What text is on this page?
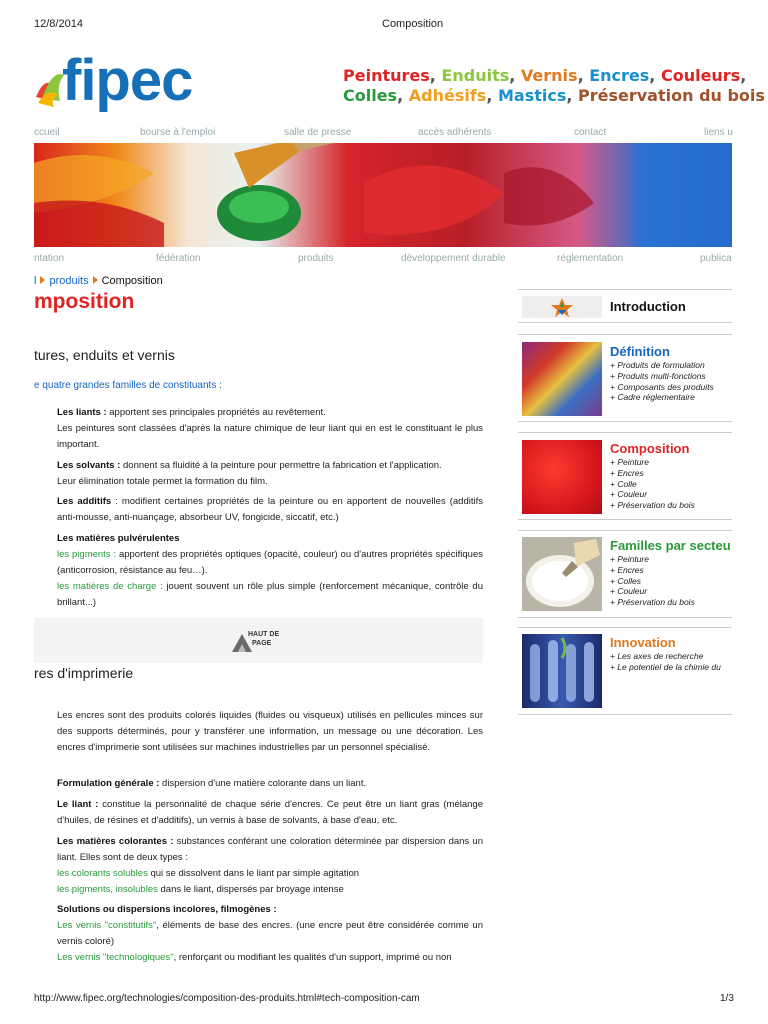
12/8/2014	Composition
fipec	Peintures, Enduits, Vernis, Encres, Couleurs,
Colles, Adhésifs, Mastics, Préservation du bois
ccueil	bourse à l'emploi	salle de presse	accès adhérents	contact	liens u
ntation	fédération	produits	développement durable	réglementation	publica
l produits Composition
mposition
tures, enduits et vernis
e quatre grandes familles de constituants :
Les liants : apportent ses principales propriétés au revêtement.
Les peintures sont classées d'après la nature chimique de leur liant qui en est le constituant le plus important.
Les solvants : donnent sa fluidité à la peinture pour permettre la fabrication et l'application.
Leur élimination totale permet la formation du film.
Les additifs : modifient certaines propriétés de la peinture ou en apportent de nouvelles (additifs anti-mousse, anti-nuançage, absorbeur UV, fongicide, siccatif, etc.)
Les matières pulvérulentes
les pigments : apportent des propriétés optiques (opacité, couleur) ou d'autres propriétés spécifiques (anticorrosion, résistance au feu…).
les matières de charge : jouent souvent un rôle plus simple (renforcement mécanique, contrôle du brillant...)
HAUT DE
PAGE
res d'imprimerie
Les encres sont des produits colorés liquides (fluides ou visqueux) utilisés en pellicules minces sur des supports déterminés, pour y transférer une information, un message ou une décoration. Les encres d'imprimerie sont utilisées sur machines industrielles par un personnel spécialisé.
Formulation générale : dispersion d'une matière colorante dans un liant.
Le liant : constitue la personnalité de chaque série d'encres. Ce peut être un liant gras (mélange d'huiles, de résines et d'additifs), un vernis à base de solvants, à base d'eau, etc.
Les matières colorantes : substances conférant une coloration déterminée par dispersion dans un liant. Elles sont de deux types :
les colorants solubles qui se dissolvent dans le liant par simple agitation
les pigments, insolubles dans le liant, dispersés par broyage intense
Solutions ou dispersions incolores, filmogènes :
Les vernis "constitutifs", éléments de base des encres. (une encre peut être considérée comme un vernis coloré)
Les vernis "technologiques", renforçant ou modifiant les qualités d'un support, imprimé ou non
Introduction
Définition
+ Produits de formulation
+ Produits multi-fonctions
+ Composants des produits
+ Cadre réglementaire
Composition
+ Peinture
+ Encres
+ Colle
+ Couleur
+ Préservation du bois
Familles par secteu
+ Peinture
+ Encres
+ Colles
+ Couleur
+ Préservation du bois
Innovation
+ Les axes de recherche
+ Le potentiel de la chimie du
http://www.fipec.org/technologies/composition-des-produits.html#tech-composition-cam	1/3
